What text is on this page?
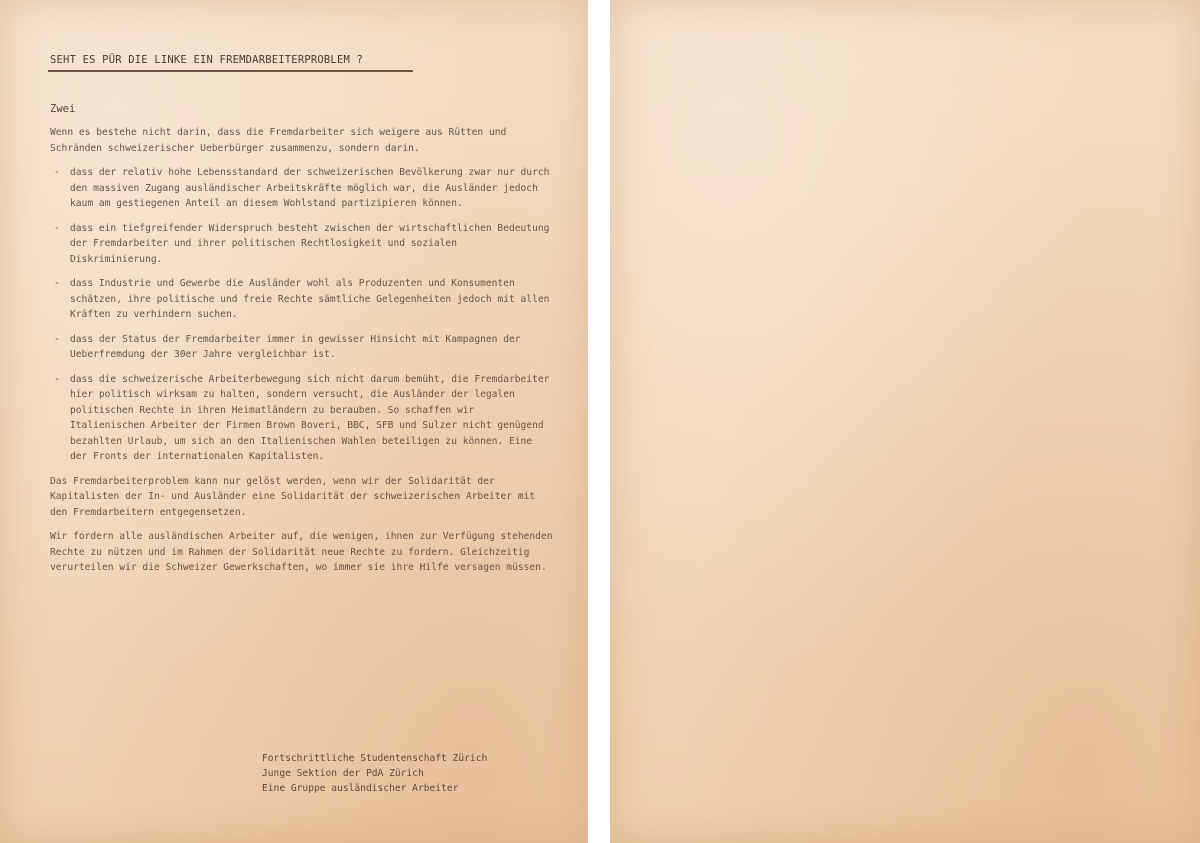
SEHT ES PÜR DIE LINKE EIN FREMDARBEITERPROBLEM ?
Zwei

Wenn es bestehe nicht darin, dass die Fremdarbeiter sich weigere aus Rütten und Schränden schweizerischer Ueberbürger zusammenzu, sondern darin.

- dass der relativ hohe Lebensstandard der schweizerischen Bevölkerung zwar nur durch den massiven Zugang ausländischer Arbeitskräfte möglich war, die Ausländer jedoch kaum am gestiegenen Anteil an diesem Wohlstand partizipieren können.
- dass ein tiefgreifender Widerspruch besteht zwischen der wirtschaftlichen Bedeutung der Fremdarbeiter und ihrer politischen Rechtlosigkeit und sozialen Diskriminierung.
- dass Industrie und Gewerbe die Ausländer wohl als Produzenten und Konsumenten schätzen, ihre politische und freie Rechte sämtliche Gelegenheiten jedoch mit allen Kräften zu verhindern suchen.
- dass der Status der Fremdarbeiter immer in gewisser Hinsicht mit Kampagnen der Ueberfremdung der 30er Jahre vergleichbar ist.
- dass die schweizerische Arbeiterbewegung sich nicht darum bemüht, die Fremdarbeiter hier politisch wirksam zu halten, sondern versucht, die Ausländer der legalen politischen Rechte in ihren Heimatländern zu berauben. So schaffen wir Italienischen Arbeiter der Firmen Brown Boveri, BBC, SFB und Sulzer nicht genügend bezahlten Urlaub, um sich an den Italienischen Wahlen beteiligen zu können. Eine der Fronts der internationalen Kapitalisten.

Das Fremdarbeiterproblem kann nur gelöst werden, wenn wir der Solidarität der Kapitalisten der In- und Ausländer eine Solidarität der schweizerischen Arbeiter mit den Fremdarbeitern entgegensetzen.

Wir fordern alle ausländischen Arbeiter auf, die wenigen, ihnen zur Verfügung stehenden Rechte zu nützen und im Rahmen der Solidarität neue Rechte zu fordern. Gleichzeitig verurteilen wir die Schweizer Gewerkschaften, wo immer sie ihre Hilfe versagen müssen.

Fortschrittliche Studentenschaft Zürich
Junge Sektion der PdA Zürich
Eine Gruppe ausländischer Arbeiter
